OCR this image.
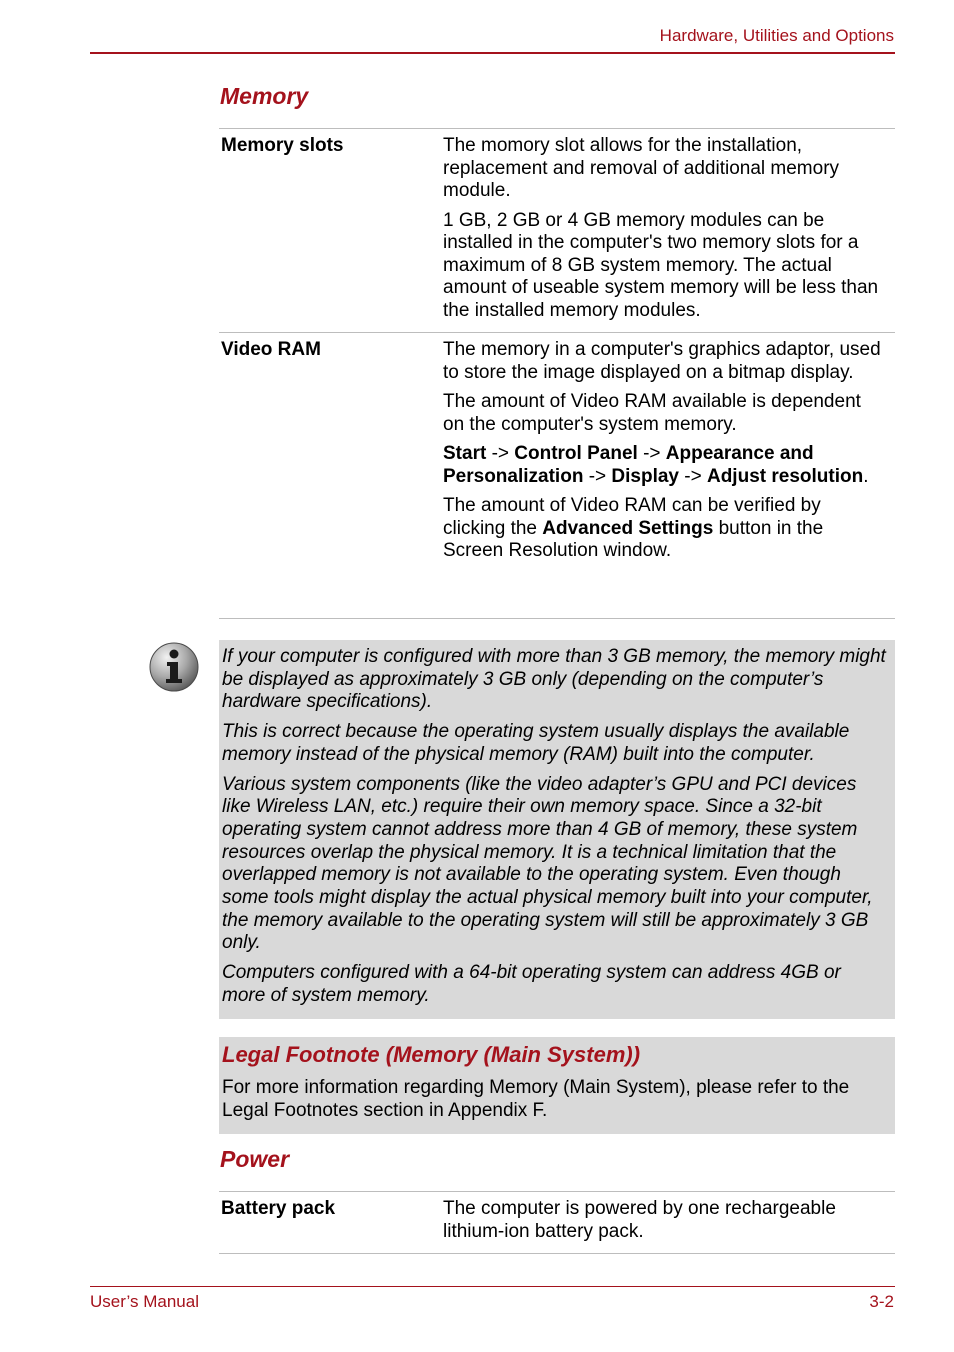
Hardware, Utilities and Options
Memory
Memory slots	The momory slot allows for the installation, replacement and removal of additional memory module.

1 GB, 2 GB or 4 GB memory modules can be installed in the computer's two memory slots for a maximum of 8 GB system memory. The actual amount of useable system memory will be less than the installed memory modules.

Video RAM	The memory in a computer's graphics adaptor, used to store the image displayed on a bitmap display.

The amount of Video RAM available is dependent on the computer's system memory.

Start -> Control Panel -> Appearance and Personalization -> Display -> Adjust resolution.

The amount of Video RAM can be verified by clicking the Advanced Settings button in the Screen Resolution window.

If your computer is configured with more than 3 GB memory, the memory might be displayed as approximately 3 GB only (depending on the computer’s hardware specifications).

This is correct because the operating system usually displays the available memory instead of the physical memory (RAM) built into the computer.

Various system components (like the video adapter’s GPU and PCI devices like Wireless LAN, etc.) require their own memory space. Since a 32-bit operating system cannot address more than 4 GB of memory, these system resources overlap the physical memory. It is a technical limitation that the overlapped memory is not available to the operating system. Even though some tools might display the actual physical memory built into your computer, the memory available to the operating system will still be approximately 3 GB only.

Computers configured with a 64-bit operating system can address 4GB or more of system memory.

Legal Footnote (Memory (Main System))
For more information regarding Memory (Main System), please refer to the Legal Footnotes section in Appendix F.
Power
Battery pack	The computer is powered by one rechargeable lithium-ion battery pack.

User’s Manual	3-2
